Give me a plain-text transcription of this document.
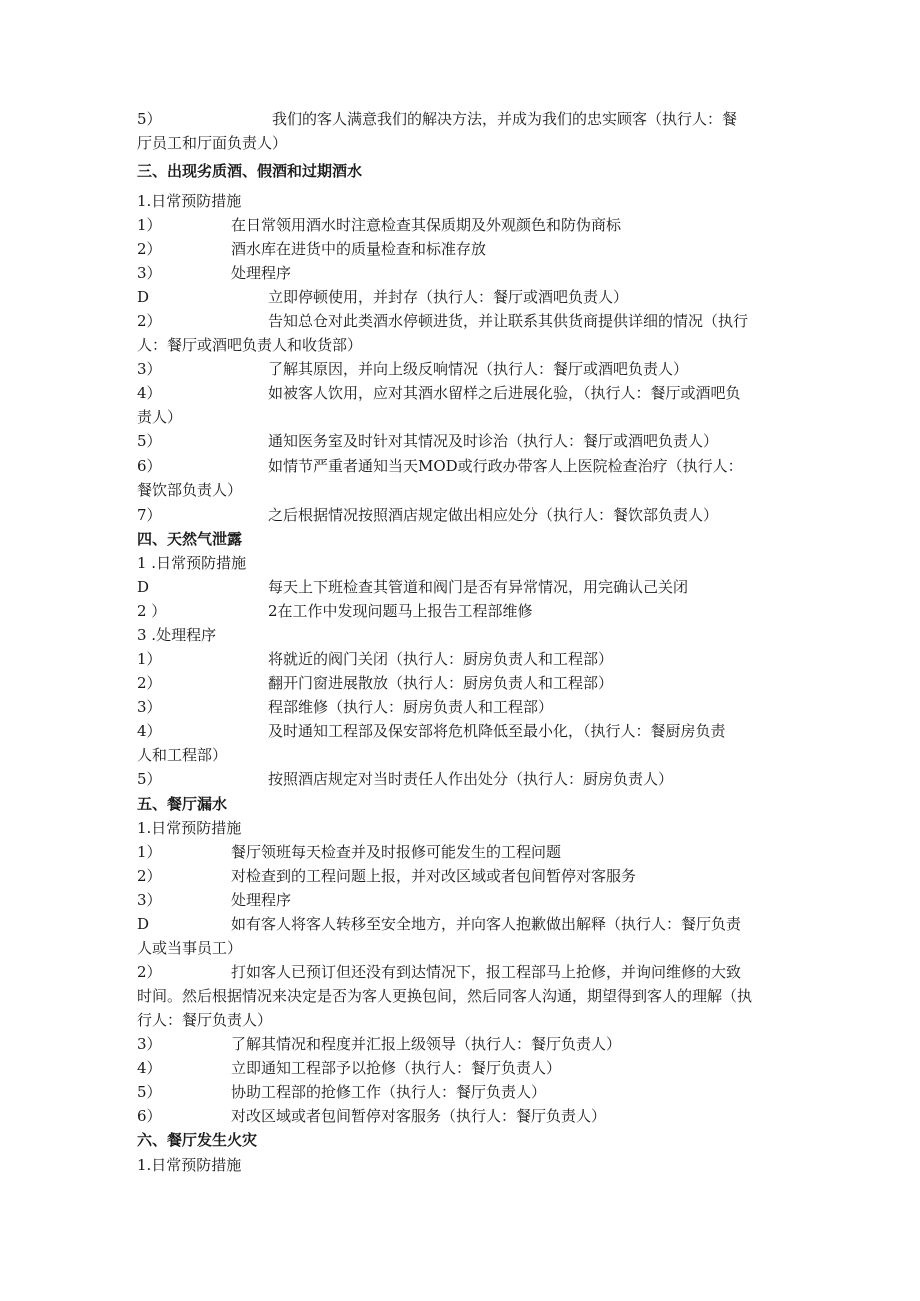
5）	我们的客人满意我们的解决方法，并成为我们的忠实顾客（执行人：餐
厅员工和厅面负责人）
三、出现劣质酒、假酒和过期酒水
1.日常预防措施
1）	在日常领用酒水时注意检查其保质期及外观颜色和防伪商标
2）	酒水库在进货中的质量检查和标准存放
3）	处理程序
D	立即停顿使用，并封存（执行人：餐厅或酒吧负责人）
2）	告知总仓对此类酒水停顿进货，并让联系其供货商提供详细的情况（执行
人：餐厅或酒吧负责人和收货部）
3）	了解其原因，并向上级反响情况（执行人：餐厅或酒吧负责人）
4）	如被客人饮用，应对其酒水留样之后进展化验，（执行人：餐厅或酒吧负
责人）
5）	通知医务室及时针对其情况及时诊治（执行人：餐厅或酒吧负责人）
6）	如情节严重者通知当天MOD或行政办带客人上医院检查治疗（执行人：
餐饮部负责人）
7）	之后根据情况按照酒店规定做出相应处分（执行人：餐饮部负责人）
四、天然气泄露
1 .日常预防措施
D	每天上下班检查其管道和阀门是否有异常情况，用完确认己关闭
2 ）	2在工作中发现问题马上报告工程部维修
3 .处理程序
1）	将就近的阀门关闭（执行人：厨房负责人和工程部）
2）	翻开门窗进展散放（执行人：厨房负责人和工程部）
3）	程部维修（执行人：厨房负责人和工程部）
4）	及时通知工程部及保安部将危机降低至最小化，（执行人：餐厨房负责
人和工程部）
5）	按照酒店规定对当时责任人作出处分（执行人：厨房负责人）
五、餐厅漏水
1.日常预防措施
1）	餐厅领班每天检查并及时报修可能发生的工程问题
2）	对检查到的工程问题上报，并对改区域或者包间暂停对客服务
3）	处理程序
D	如有客人将客人转移至安全地方，并向客人抱歉做出解释（执行人：餐厅负责
人或当事员工）
2）	打如客人已预订但还没有到达情况下，报工程部马上抢修，并询问维修的大致
时间。然后根据情况来决定是否为客人更换包间，然后同客人沟通，期望得到客人的理解（执
行人：餐厅负责人）
3）	了解其情况和程度并汇报上级领导（执行人：餐厅负责人）
4）	立即通知工程部予以抢修（执行人：餐厅负责人）
5）	协助工程部的抢修工作（执行人：餐厅负责人）
6）	对改区域或者包间暂停对客服务（执行人：餐厅负责人）
六、餐厅发生火灾
1.日常预防措施
